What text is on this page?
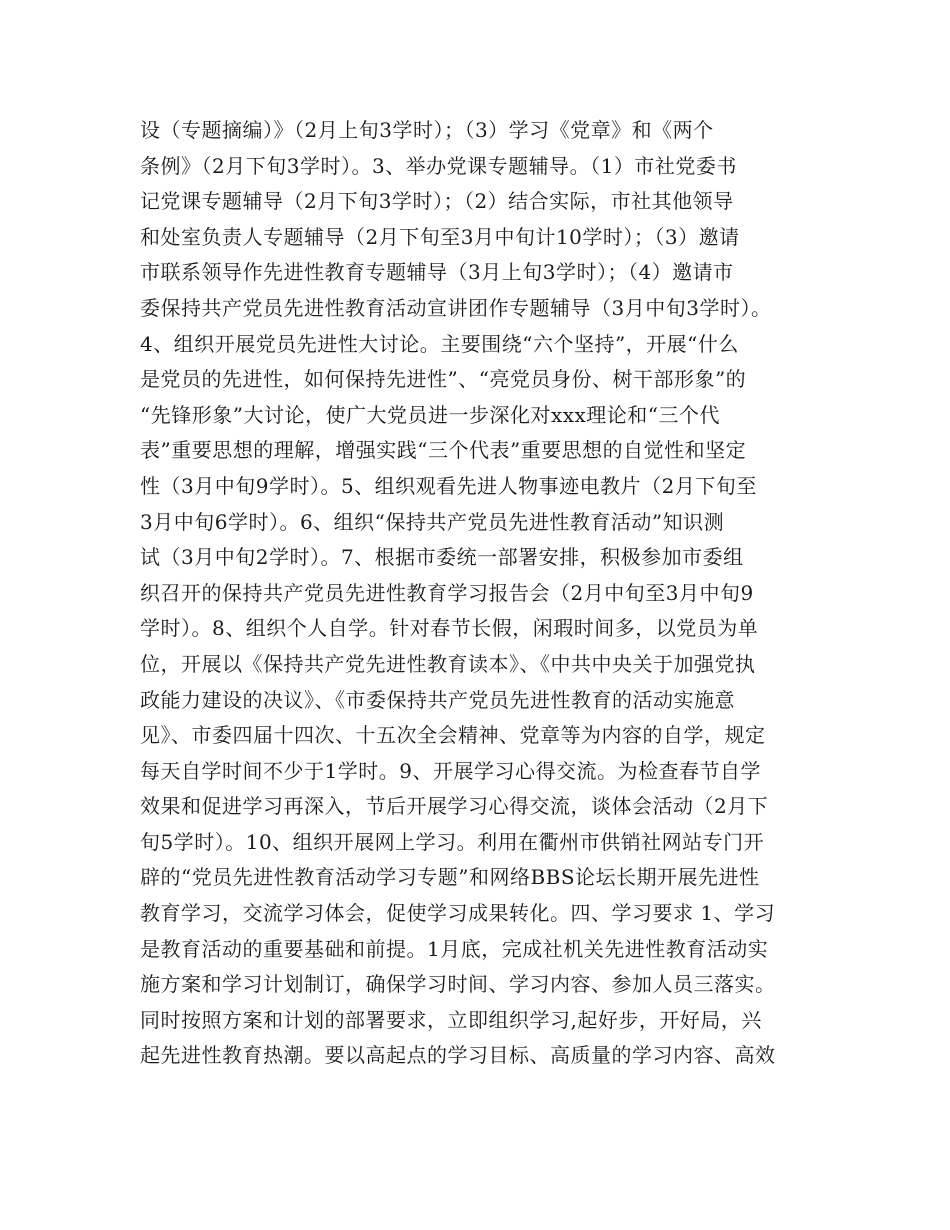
设（专题摘编）》（2月上旬3学时）；（3）学习《党章》和《两个
条例》（2月下旬3学时）。3、举办党课专题辅导。（1）市社党委书
记党课专题辅导（2月下旬3学时）；（2）结合实际，市社其他领导
和处室负责人专题辅导（2月下旬至3月中旬计10学时）；（3）邀请
市联系领导作先进性教育专题辅导（3月上旬3学时）；（4）邀请市
委保持共产党员先进性教育活动宣讲团作专题辅导（3月中旬3学时）。
4、组织开展党员先进性大讨论。主要围绕“六个坚持”，开展“什么
是党员的先进性，如何保持先进性”、“亮党员身份、树干部形象”的
“先锋形象”大讨论，使广大党员进一步深化对xxx理论和“三个代
表”重要思想的理解，增强实践“三个代表”重要思想的自觉性和坚定
性（3月中旬9学时）。5、组织观看先进人物事迹电教片（2月下旬至
3月中旬6学时）。6、组织“保持共产党员先进性教育活动”知识测
试（3月中旬2学时）。7、根据市委统一部署安排，积极参加市委组
织召开的保持共产党员先进性教育学习报告会（2月中旬至3月中旬9
学时）。8、组织个人自学。针对春节长假，闲瑕时间多，以党员为单
位，开展以《保持共产党先进性教育读本》、《中共中央关于加强党执
政能力建设的决议》、《市委保持共产党员先进性教育的活动实施意
见》、市委四届十四次、十五次全会精神、党章等为内容的自学，规定
每天自学时间不少于1学时。9、开展学习心得交流。为检查春节自学
效果和促进学习再深入，节后开展学习心得交流，谈体会活动（2月下
旬5学时）。10、组织开展网上学习。利用在衢州市供销社网站专门开
辟的“党员先进性教育活动学习专题”和网络BBS论坛长期开展先进性
教育学习，交流学习体会，促使学习成果转化。四、学习要求 1、学习
是教育活动的重要基础和前提。1月底，完成社机关先进性教育活动实
施方案和学习计划制订，确保学习时间、学习内容、参加人员三落实。
同时按照方案和计划的部署要求，立即组织学习,起好步，开好局，兴
起先进性教育热潮。要以高起点的学习目标、高质量的学习内容、高效
